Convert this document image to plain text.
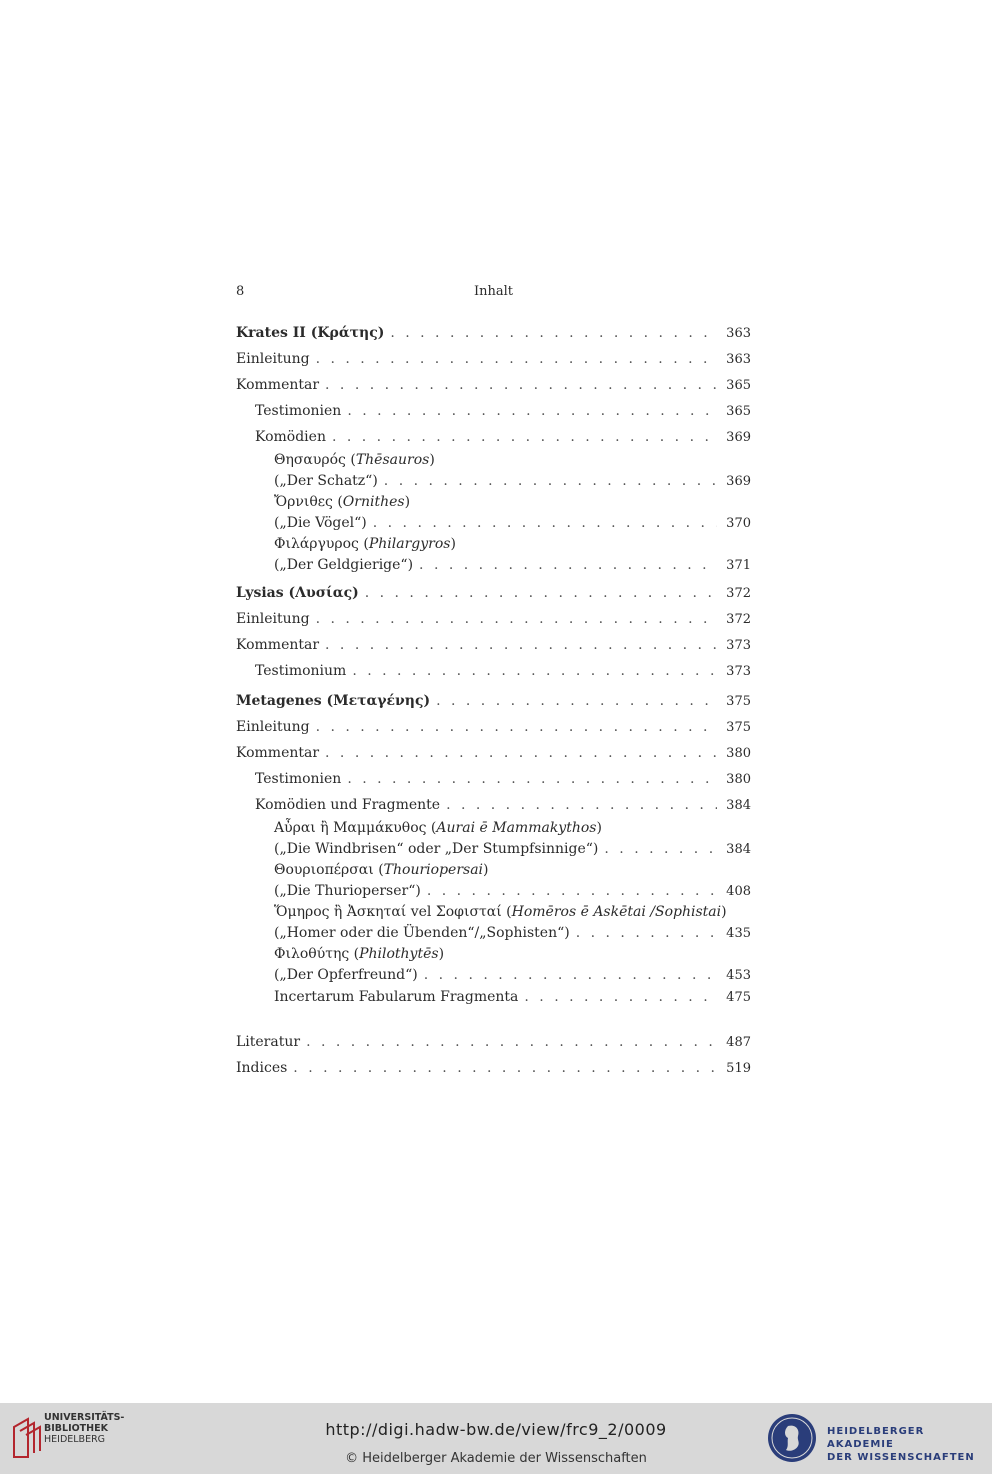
8	Inhalt
Krates II (Κράτης) . . .	363
Einleitung . . .	363
Kommentar . . .	365
Testimonien . . .	365
Komödien . . .	369
Θησαυρός (Thēsauros)
(„Der Schatz“) . . .	369
Ὄρνιθες (Ornithes)
(„Die Vögel“) . . .	370
Φιλάργυρος (Philargyros)
(„Der Geldgierige“) . . .	371
Lysias (Λυσίας) . . .	372
Einleitung . . .	372
Kommentar . . .	373
Testimonium . . .	373
Metagenes (Μεταγένης) . . .	375
Einleitung . . .	375
Kommentar . . .	380
Testimonien . . .	380
Komödien und Fragmente . . .	384
Αὖραι ἢ Μαμμάκυθος (Aurai ē Mammakythos)
(„Die Windbrisen“ oder „Der Stumpfsinnige“) . . .	384
Θουριοπέρσαι (Thouriopersai)
(„Die Thurioperser“) . . .	408
Ὅμηρος ἢ Ἀσκηταί vel Σοφισταί (Homēros ē Askētai /Sophistai)
(„Homer oder die Übenden“/„Sophisten“) . . .	435
Φιλοθύτης (Philothytēs)
(„Der Opferfreund“) . . .	453
Incertarum Fabularum Fragmenta . . .	475
Literatur . . .	487
Indices . . .	519
UNIVERSITÄTS-
BIBLIOTHEK
HEIDELBERG
http://digi.hadw-bw.de/view/frc9_2/0009
© Heidelberger Akademie der Wissenschaften
HEIDELBERGER AKADEMIE
DER WISSENSCHAFTEN
